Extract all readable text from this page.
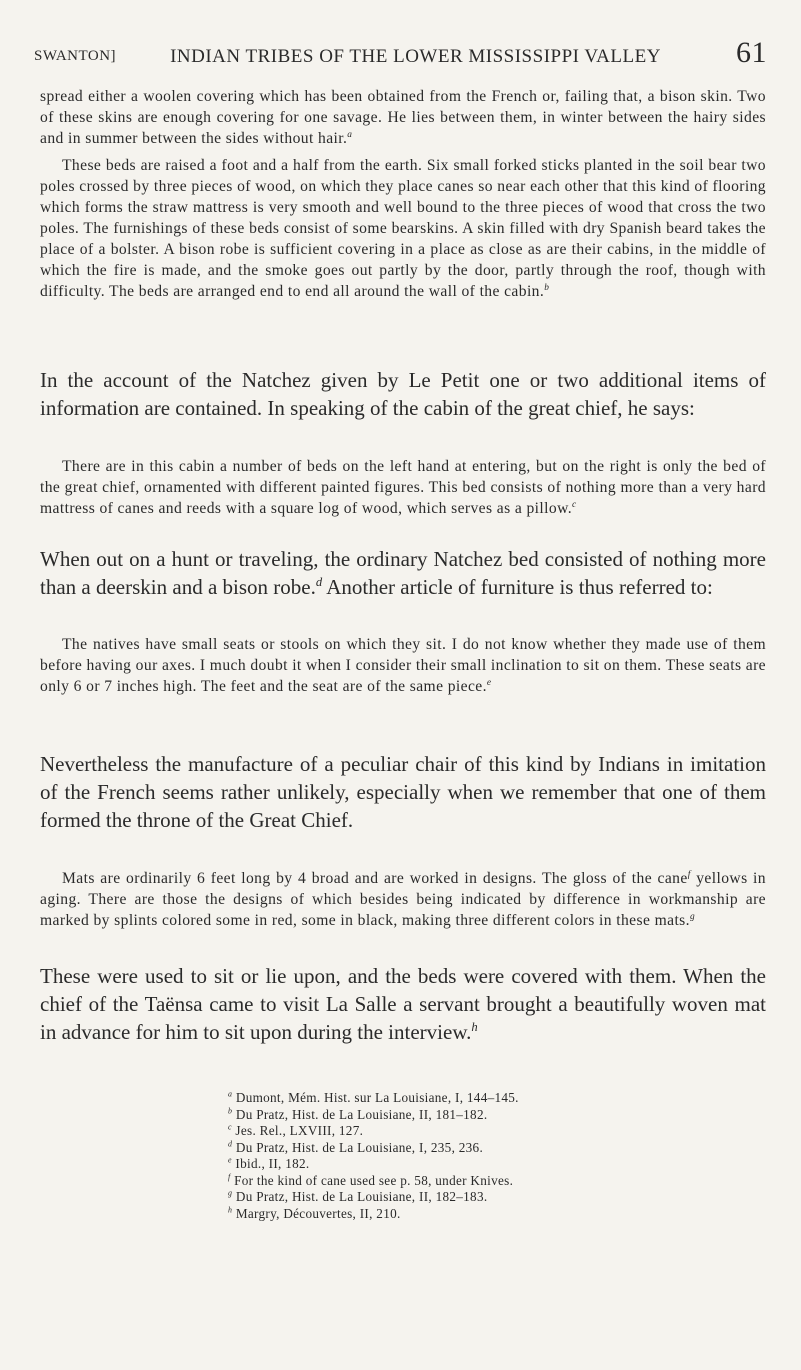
SWANTON]	INDIAN TRIBES OF THE LOWER MISSISSIPPI VALLEY	61

spread either a woolen covering which has been obtained from the French or, failing that, a bison skin. Two of these skins are enough covering for one savage. He lies between them, in winter between the hairy sides and in summer between the sides without hair.$^a$

These beds are raised a foot and a half from the earth. Six small forked sticks planted in the soil bear two poles crossed by three pieces of wood, on which they place canes so near each other that this kind of flooring which forms the straw mattress is very smooth and well bound to the three pieces of wood that cross the two poles. The furnishings of these beds consist of some bearskins. A skin filled with dry Spanish beard takes the place of a bolster. A bison robe is sufficient covering in a place as close as are their cabins, in the middle of which the fire is made, and the smoke goes out partly by the door, partly through the roof, though with difficulty. The beds are arranged end to end all around the wall of the cabin.$^b$

In the account of the Natchez given by Le Petit one or two additional items of information are contained. In speaking of the cabin of the great chief, he says:

There are in this cabin a number of beds on the left hand at entering, but on the right is only the bed of the great chief, ornamented with different painted figures. This bed consists of nothing more than a very hard mattress of canes and reeds with a square log of wood, which serves as a pillow.$^c$

When out on a hunt or traveling, the ordinary Natchez bed consisted of nothing more than a deerskin and a bison robe.$^d$ Another article of furniture is thus referred to:

The natives have small seats or stools on which they sit. I do not know whether they made use of them before having our axes. I much doubt it when I consider their small inclination to sit on them. These seats are only 6 or 7 inches high. The feet and the seat are of the same piece.$^e$

Nevertheless the manufacture of a peculiar chair of this kind by Indians in imitation of the French seems rather unlikely, especially when we remember that one of them formed the throne of the Great Chief.

Mats are ordinarily 6 feet long by 4 broad and are worked in designs. The gloss of the cane$^f$ yellows in aging. There are those the designs of which besides being indicated by difference in workmanship are marked by splints colored some in red, some in black, making three different colors in these mats.$^g$

These were used to sit or lie upon, and the beds were covered with them. When the chief of the Taënsa came to visit La Salle a servant brought a beautifully woven mat in advance for him to sit upon during the interview.$^h$
$^a$ Dumont, Mém. Hist. sur La Louisiane, I, 144–145.
$^b$ Du Pratz, Hist. de La Louisiane, II, 181–182.
$^c$ Jes. Rel., LXVIII, 127.
$^d$ Du Pratz, Hist. de La Louisiane, I, 235, 236.
$^e$ Ibid., II, 182.
$^f$ For the kind of cane used see p. 58, under Knives.
$^g$ Du Pratz, Hist. de La Louisiane, II, 182–183.
$^h$ Margry, Découvertes, II, 210.
